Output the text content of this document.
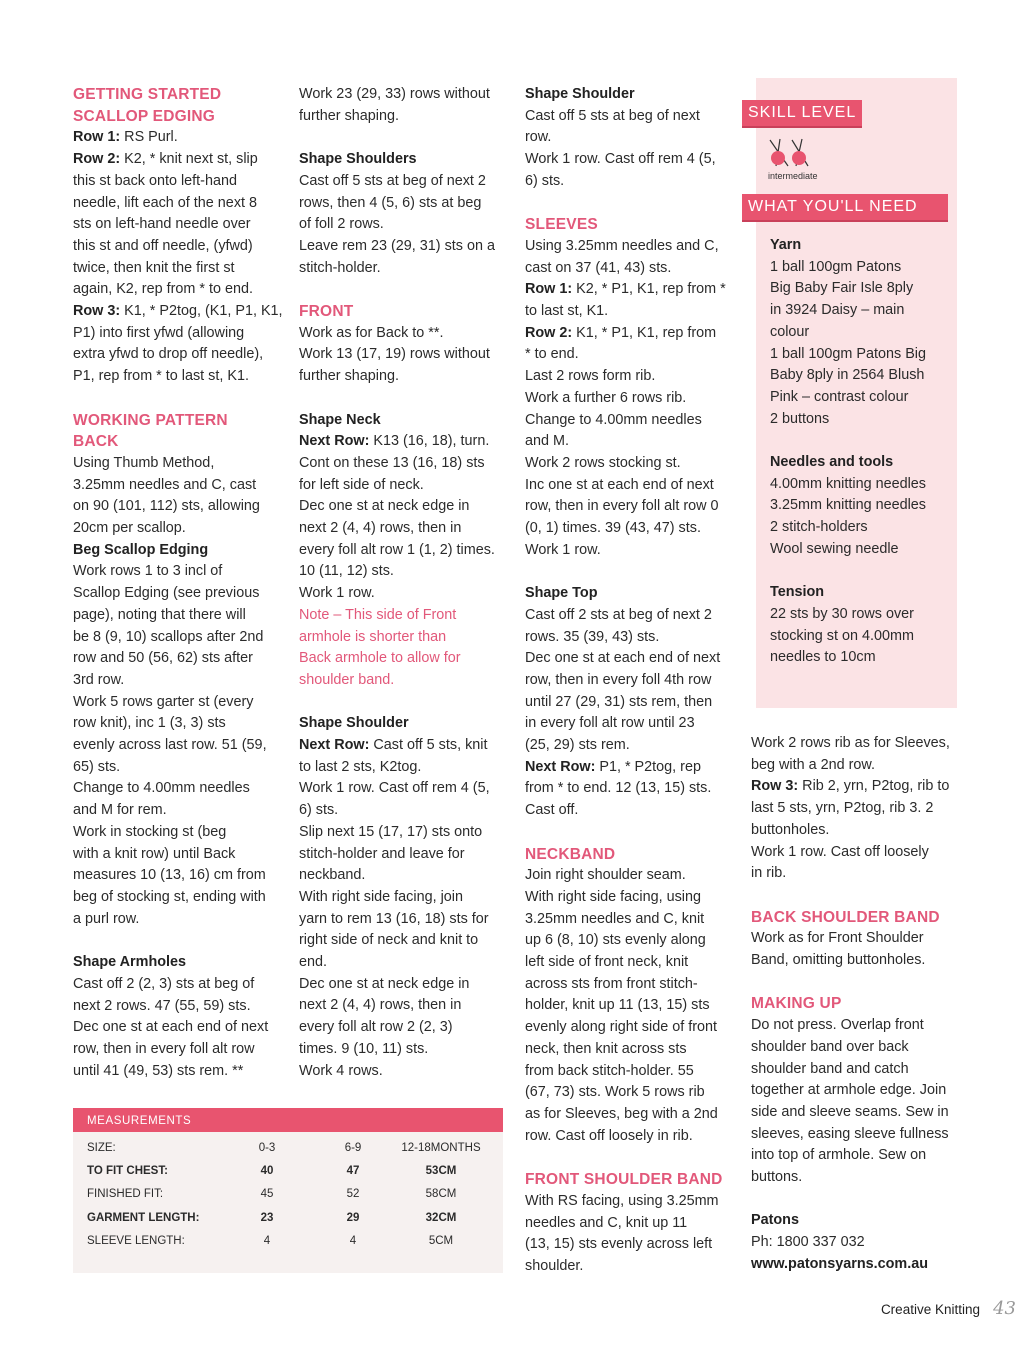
GETTING STARTED

SCALLOP EDGING

Row 1: RS Purl.

Row 2: K2, * knit next st, slip

this st back onto left-hand

needle, lift each of the next 8

sts on left-hand needle over

this st and off needle, (yfwd)

twice, then knit the first st

again, K2, rep from * to end.

Row 3: K1, * P2tog, (K1, P1, K1,

P1) into first yfwd (allowing

extra yfwd to drop off needle),

P1, rep from * to last st, K1.

WORKING PATTERN

BACK

Using Thumb Method,

3.25mm needles and C, cast

on 90 (101, 112) sts, allowing

20cm per scallop.

Beg Scallop Edging

Work rows 1 to 3 incl of

Scallop Edging (see previous

page), noting that there will

be 8 (9, 10) scallops after 2nd

row and 50 (56, 62) sts after

3rd row.

Work 5 rows garter st (every

row knit), inc 1 (3, 3) sts

evenly across last row. 51 (59,

65) sts.

Change to 4.00mm needles

and M for rem.

Work in stocking st (beg

with a knit row) until Back

measures 10 (13, 16) cm from

beg of stocking st, ending with

a purl row.

Shape Armholes

Cast off 2 (2, 3) sts at beg of

next 2 rows. 47 (55, 59) sts.

Dec one st at each end of next

row, then in every foll alt row

until 41 (49, 53) sts rem. **

Work 23 (29, 33) rows without

further shaping.

Shape Shoulders

Cast off 5 sts at beg of next 2

rows, then 4 (5, 6) sts at beg

of foll 2 rows.

Leave rem 23 (29, 31) sts on a

stitch-holder.

FRONT

Work as for Back to **.

Work 13 (17, 19) rows without

further shaping.

Shape Neck

Next Row: K13 (16, 18), turn.

Cont on these 13 (16, 18) sts

for left side of neck.

Dec one st at neck edge in

next 2 (4, 4) rows, then in

every foll alt row 1 (1, 2) times.

10 (11, 12) sts.

Work 1 row.

Note – This side of Front

armhole is shorter than

Back armhole to allow for

shoulder band.

Shape Shoulder

Next Row: Cast off 5 sts, knit

to last 2 sts, K2tog.

Work 1 row. Cast off rem 4 (5,

6) sts.

Slip next 15 (17, 17) sts onto

stitch-holder and leave for

neckband.

With right side facing, join

yarn to rem 13 (16, 18) sts for

right side of neck and knit to

end.

Dec one st at neck edge in

next 2 (4, 4) rows, then in

every foll alt row 2 (2, 3)

times. 9 (10, 11) sts.

Work 4 rows.

Shape Shoulder

Cast off 5 sts at beg of next

row.

Work 1 row. Cast off rem 4 (5,

6) sts.

SLEEVES

Using 3.25mm needles and C,

cast on 37 (41, 43) sts.

Row 1: K2, * P1, K1, rep from *

to last st, K1.

Row 2: K1, * P1, K1, rep from

* to end.

Last 2 rows form rib.

Work a further 6 rows rib.

Change to 4.00mm needles

and M.

Work 2 rows stocking st.

Inc one st at each end of next

row, then in every foll alt row 0

(0, 1) times. 39 (43, 47) sts.

Work 1 row.

Shape Top

Cast off 2 sts at beg of next 2

rows. 35 (39, 43) sts.

Dec one st at each end of next

row, then in every foll 4th row

until 27 (29, 31) sts rem, then

in every foll alt row until 23

(25, 29) sts rem.

Next Row: P1, * P2tog, rep

from * to end. 12 (13, 15) sts.

Cast off.

NECKBAND

Join right shoulder seam.

With right side facing, using

3.25mm needles and C, knit

up 6 (8, 10) sts evenly along

left side of front neck, knit

across sts from front stitch-

holder, knit up 11 (13, 15) sts

evenly along right side of front

neck, then knit across sts

from back stitch-holder. 55

(67, 73) sts. Work 5 rows rib

as for Sleeves, beg with a 2nd

row. Cast off loosely in rib.

FRONT SHOULDER BAND

With RS facing, using 3.25mm

needles and C, knit up 11

(13, 15) sts evenly across left

shoulder.

SKILL LEVEL
intermediate
WHAT YOU'LL NEED

Yarn

1 ball 100gm Patons

Big Baby Fair Isle 8ply

in 3924 Daisy – main

colour

1 ball 100gm Patons Big

Baby 8ply in 2564 Blush

Pink – contrast colour

2 buttons

Needles and tools

4.00mm knitting needles

3.25mm knitting needles

2 stitch-holders

Wool sewing needle

Tension

22 sts by 30 rows over

stocking st on 4.00mm

needles to 10cm

Work 2 rows rib as for Sleeves,

beg with a 2nd row.

Row 3: Rib 2, yrn, P2tog, rib to

last 5 sts, yrn, P2tog, rib 3. 2

buttonholes.

Work 1 row. Cast off loosely

in rib.

BACK SHOULDER BAND

Work as for Front Shoulder

Band, omitting buttonholes.

MAKING UP

Do not press. Overlap front

shoulder band over back

shoulder band and catch

together at armhole edge. Join

side and sleeve seams. Sew in

sleeves, easing sleeve fullness

into top of armhole. Sew on

buttons.

Patons

Ph: 1800 337 032

www.patonsyarns.com.au

MEASUREMENTS
SIZE:	0-3	6-9	12-18MONTHS
TO FIT CHEST:	40	47	53CM
FINISHED FIT:	45	52	58CM
GARMENT LENGTH:	23	29	32CM
SLEEVE LENGTH:	4	4	5CM
Creative Knitting 43
